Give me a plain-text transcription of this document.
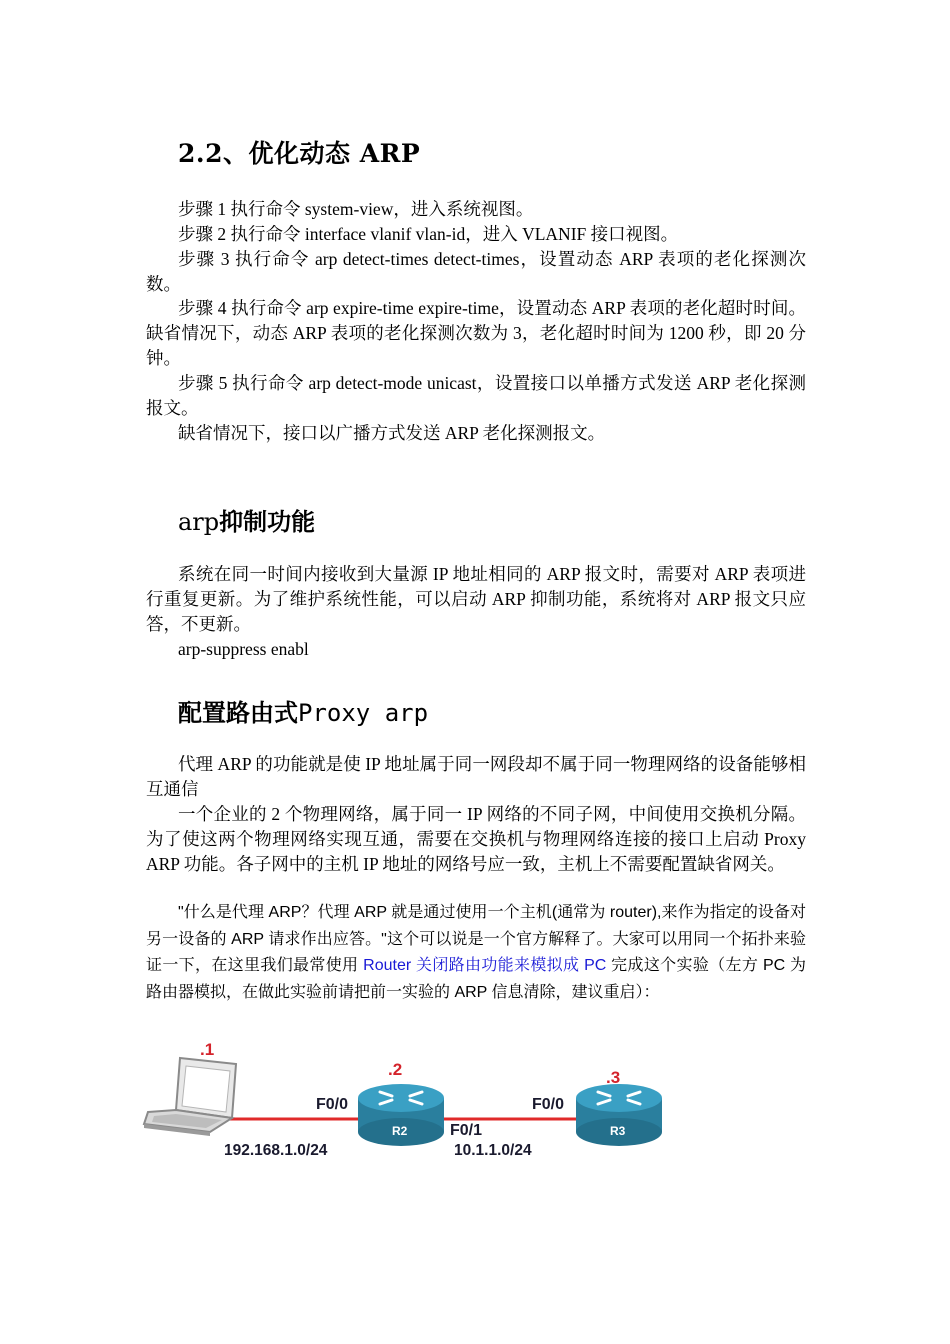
2.2、优化动态 ARP

步骤 1 执行命令 system-view，进入系统视图。

步骤 2 执行命令 interface vlanif vlan-id，进入 VLANIF 接口视图。

步骤 3 执行命令 arp detect-times detect-times，设置动态 ARP 表项的老化探测次数。

步骤 4 执行命令 arp expire-time expire-time，设置动态 ARP 表项的老化超时时间。缺省情况下，动态 ARP 表项的老化探测次数为 3，老化超时时间为 1200 秒，即 20 分钟。

步骤 5 执行命令 arp detect-mode unicast，设置接口以单播方式发送 ARP 老化探测报文。

缺省情况下，接口以广播方式发送 ARP 老化探测报文。

arp抑制功能

系统在同一时间内接收到大量源 IP 地址相同的 ARP 报文时，需要对 ARP 表项进行重复更新。为了维护系统性能，可以启动 ARP 抑制功能，系统将对 ARP 报文只应答，不更新。

arp-suppress enabl

配置路由式Proxy arp

代理 ARP 的功能就是使 IP 地址属于同一网段却不属于同一物理网络的设备能够相互通信

一个企业的 2 个物理网络，属于同一 IP 网络的不同子网，中间使用交换机分隔。为了使这两个物理网络实现互通，需要在交换机与物理网络连接的接口上启动 Proxy ARP 功能。各子网中的主机 IP 地址的网络号应一致，主机上不需要配置缺省网关。

"什么是代理 ARP？代理 ARP 就是通过使用一个主机(通常为 router),来作为指定的设备对另一设备的 ARP 请求作出应答。"这个可以说是一个官方解释了。大家可以用同一个拓扑来验证一下，在这里我们最常使用 Router 关闭路由功能来模拟成 PC 完成这个实验（左方 PC 为路由器模拟，在做此实验前请把前一实验的 ARP 信息清除，建议重启）：

.1
.2	.3
R2	R3
F0/0
F0/1
F0/0
192.168.1.0/24	10.1.1.0/24
